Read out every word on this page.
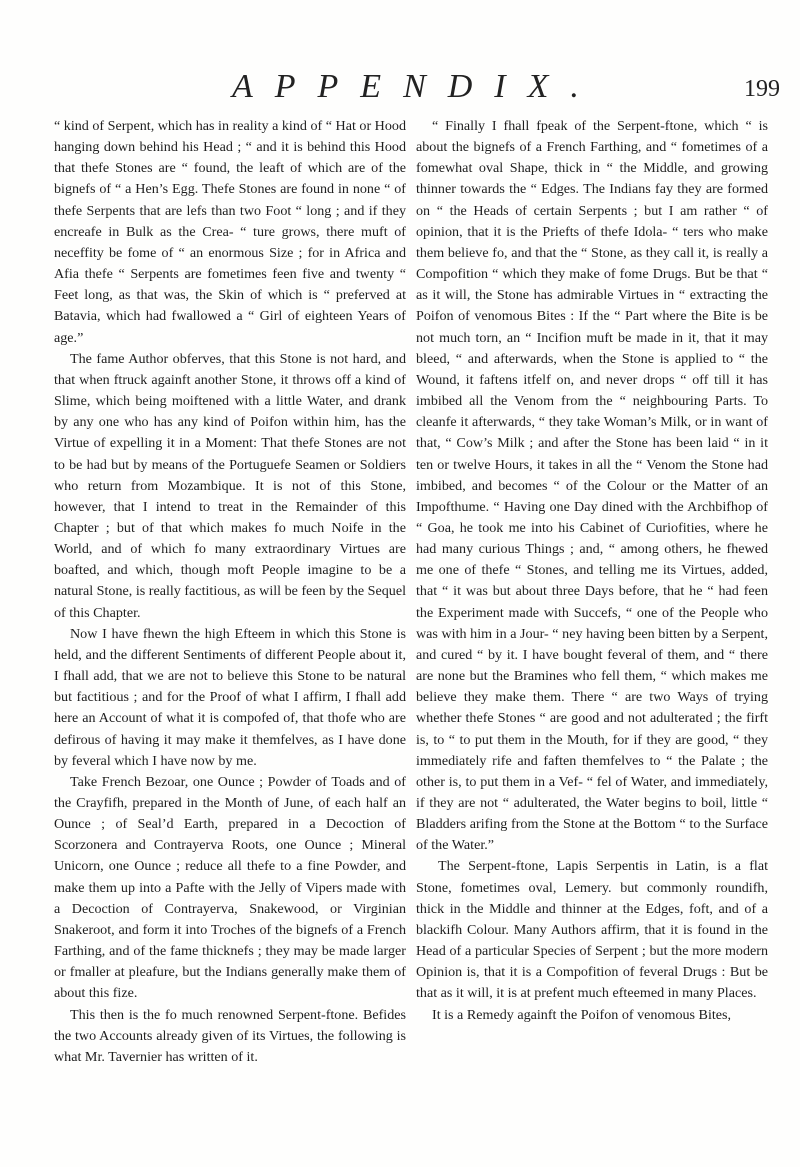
APPENDIX.	199

“ kind of Serpent, which has in reality a kind of “ Hat or Hood hanging down behind his Head ; “ and it is behind this Hood that thefe Stones are “ found, the leaft of which are of the bignefs of “ a Hen’s Egg. Thefe Stones are found in none “ of thefe Serpents that are lefs than two Foot “ long ; and if they encreafe in Bulk as the Crea- “ ture grows, there muft of neceffity be fome of “ an enormous Size ; for in Africa and Afia thefe “ Serpents are fometimes feen five and twenty “ Feet long, as that was, the Skin of which is “ preferved at Batavia, which had fwallowed a “ Girl of eighteen Years of age.”

The fame Author obferves, that this Stone is not hard, and that when ftruck againft another Stone, it throws off a kind of Slime, which being moiftened with a little Water, and drank by any one who has any kind of Poifon within him, has the Virtue of expelling it in a Moment: That thefe Stones are not to be had but by means of the Portuguefe Seamen or Soldiers who return from Mozambique. It is not of this Stone, however, that I intend to treat in the Remainder of this Chapter ; but of that which makes fo much Noife in the World, and of which fo many extraordinary Virtues are boafted, and which, though moft People imagine to be a natural Stone, is really factitious, as will be feen by the Sequel of this Chapter.

Now I have fhewn the high Efteem in which this Stone is held, and the different Sentiments of different People about it, I fhall add, that we are not to believe this Stone to be natural but factitious ; and for the Proof of what I affirm, I fhall add here an Account of what it is compofed of, that thofe who are defirous of having it may make it themfelves, as I have done by feveral which I have now by me.

Take French Bezoar, one Ounce ; Powder of Toads and of the Crayfifh, prepared in the Month of June, of each half an Ounce ; of Seal’d Earth, prepared in a Decoction of Scorzonera and Contrayerva Roots, one Ounce ; Mineral Unicorn, one Ounce ; reduce all thefe to a fine Powder, and make them up into a Pafte with the Jelly of Vipers made with a Decoction of Contrayerva, Snakewood, or Virginian Snakeroot, and form it into Troches of the bignefs of a French Farthing, and of the fame thicknefs ; they may be made larger or fmaller at pleafure, but the Indians generally make them of about this fize.

This then is the fo much renowned Serpent-ftone. Befides the two Accounts already given of its Virtues, the following is what Mr. Tavernier has written of it.

“ Finally I fhall fpeak of the Serpent-ftone, which “ is about the bignefs of a French Farthing, and “ fometimes of a fomewhat oval Shape, thick in “ the Middle, and growing thinner towards the “ Edges. The Indians fay they are formed on “ the Heads of certain Serpents ; but I am rather “ of opinion, that it is the Priefts of thefe Idola- “ ters who make them believe fo, and that the “ Stone, as they call it, is really a Compofition “ which they make of fome Drugs. But be that “ as it will, the Stone has admirable Virtues in “ extracting the Poifon of venomous Bites : If the “ Part where the Bite is be not much torn, an “ Incifion muft be made in it, that it may bleed, “ and afterwards, when the Stone is applied to “ the Wound, it faftens itfelf on, and never drops “ off till it has imbibed all the Venom from the “ neighbouring Parts. To cleanfe it afterwards, “ they take Woman’s Milk, or in want of that, “ Cow’s Milk ; and after the Stone has been laid “ in it ten or twelve Hours, it takes in all the “ Venom the Stone had imbibed, and becomes “ of the Colour or the Matter of an Impofthume. “ Having one Day dined with the Archbifhop of “ Goa, he took me into his Cabinet of Curiofities, where he had many curious Things ; and, “ among others, he fhewed me one of thefe “ Stones, and telling me its Virtues, added, that “ it was but about three Days before, that he “ had feen the Experiment made with Succefs, “ one of the People who was with him in a Jour- “ ney having been bitten by a Serpent, and cured “ by it. I have bought feveral of them, and “ there are none but the Bramines who fell them, “ which makes me believe they make them. There “ are two Ways of trying whether thefe Stones “ are good and not adulterated ; the firft is, to “ to put them in the Mouth, for if they are good, “ they immediately rife and faften themfelves to “ the Palate ; the other is, to put them in a Vef- “ fel of Water, and immediately, if they are not “ adulterated, the Water begins to boil, little “ Bladders arifing from the Stone at the Bottom “ to the Surface of the Water.”

The Serpent-ftone, Lapis Serpentis in Latin, is a flat Stone, fometimes oval, Lemery. but commonly roundifh, thick in the Middle and thinner at the Edges, foft, and of a blackifh Colour. Many Authors affirm, that it is found in the Head of a particular Species of Serpent ; but the more modern Opinion is, that it is a Compofition of feveral Drugs : But be that as it will, it is at prefent much efteemed in many Places.

It is a Remedy againft the Poifon of venomous Bites,
